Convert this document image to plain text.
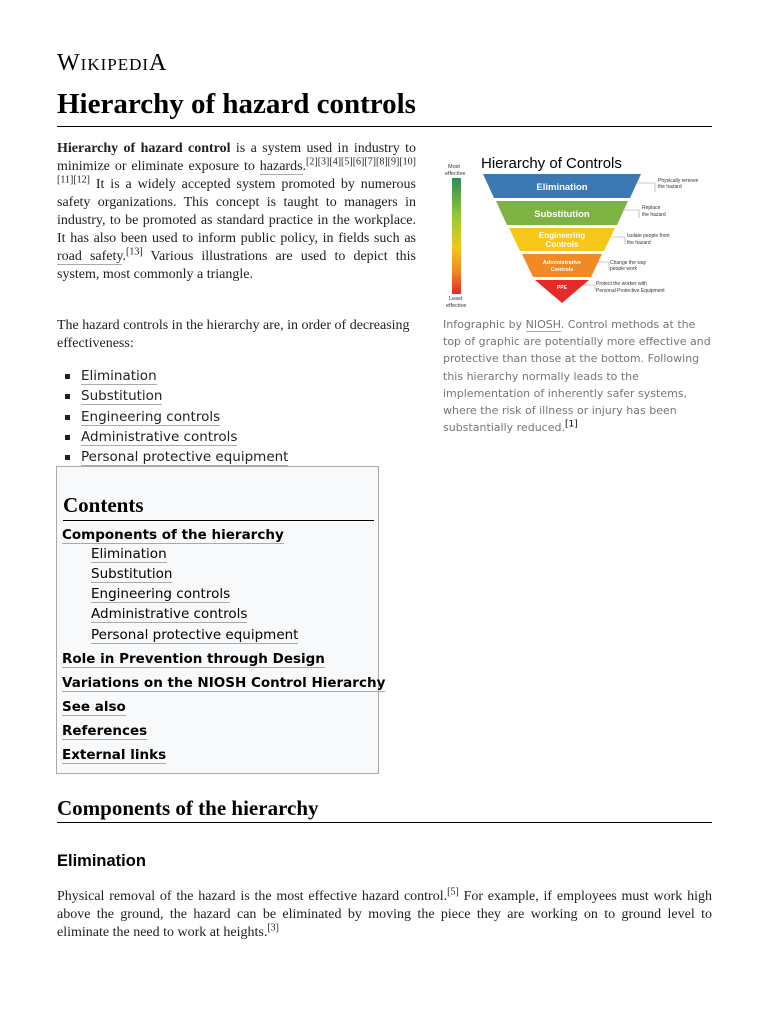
WIKIPEDIA
Hierarchy of hazard controls

Hierarchy of hazard control is a system used in industry to minimize or eliminate exposure to hazards.[2][3][4][5][6][7][8][9][10][11][12] It is a widely accepted system promoted by numerous safety organizations. This concept is taught to managers in industry, to be promoted as standard practice in the workplace. It has also been used to inform public policy, in fields such as road safety.[13] Various illustrations are used to depict this system, most commonly a triangle.

The hazard controls in the hierarchy are, in order of decreasing effectiveness:

Elimination
Substitution
Engineering controls
Administrative controls
Personal protective equipment
Contents
Components of the hierarchy
Elimination
Substitution
Engineering controls
Administrative controls
Personal protective equipment
Role in Prevention through Design
Variations on the NIOSH Control Hierarchy
See also
References
External links
Hierarchy of Controls
Most
effective
Least
effective
Elimination
Substitution
Engineering
Controls
Administrative
Controls
PPE
Physically remove
the hazard
Replace
the hazard
Isolate people from
the hazard
Change the way
people work
Protect the worker with
Personal Protective Equipment

Infographic by NIOSH. Control methods at the top of graphic are potentially more effective and protective than those at the bottom. Following this hierarchy normally leads to the implementation of inherently safer systems, where the risk of illness or injury has been substantially reduced.[1]

Components of the hierarchy
Elimination

Physical removal of the hazard is the most effective hazard control.[5] For example, if employees must work high above the ground, the hazard can be eliminated by moving the piece they are working on to ground level to eliminate the need to work at heights.[3]
